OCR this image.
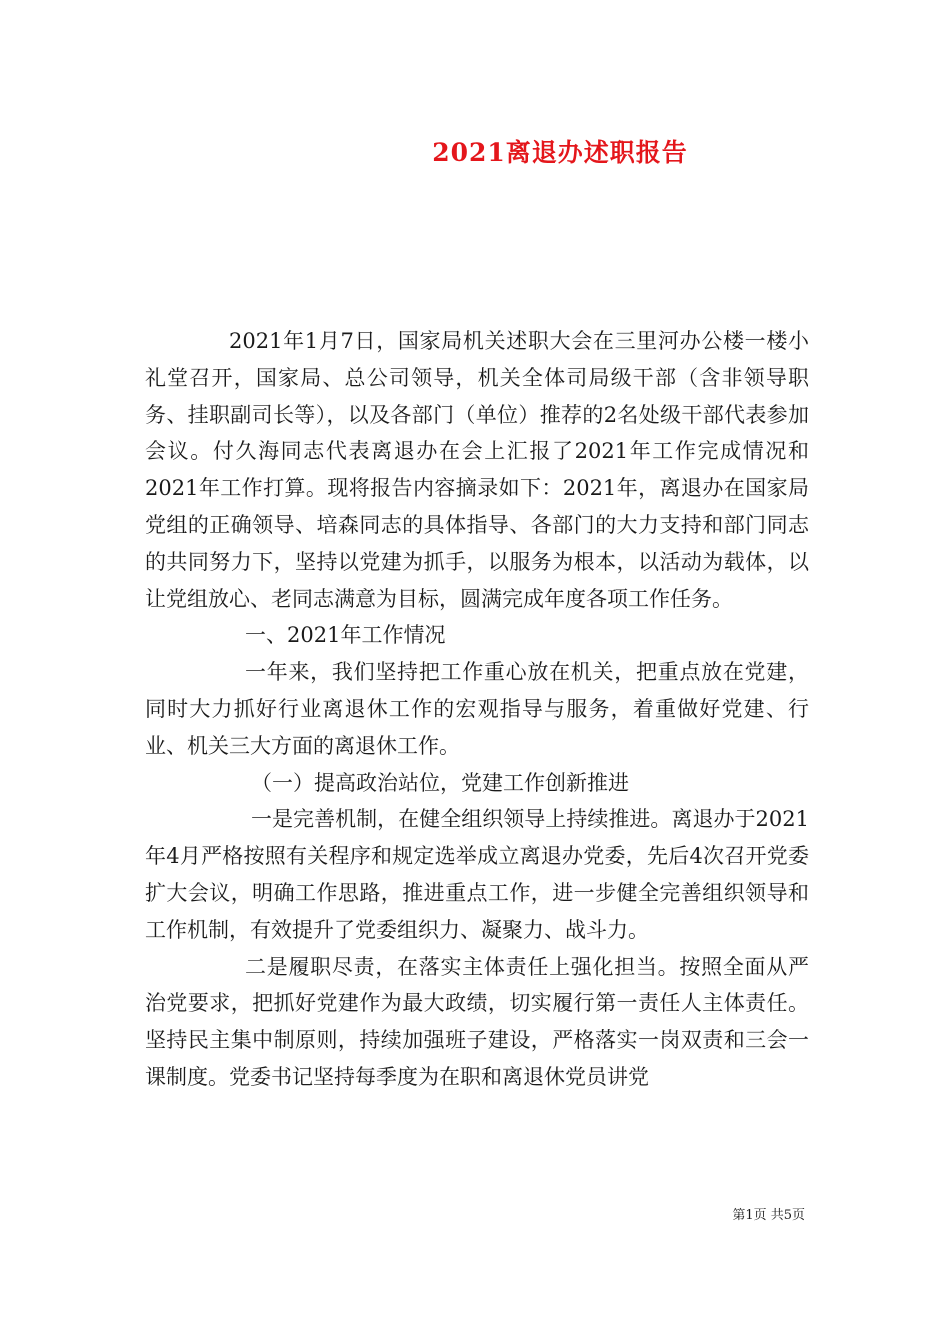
2021离退办述职报告

2021年1月7日，国家局机关述职大会在三里河办公楼一楼小礼堂召开，国家局、总公司领导，机关全体司局级干部（含非领导职务、挂职副司长等），以及各部门（单位）推荐的2名处级干部代表参加会议。付久海同志代表离退办在会上汇报了2021年工作完成情况和2021年工作打算。现将报告内容摘录如下：2021年，离退办在国家局党组的正确领导、培森同志的具体指导、各部门的大力支持和部门同志的共同努力下，坚持以党建为抓手，以服务为根本，以活动为载体，以让党组放心、老同志满意为目标，圆满完成年度各项工作任务。

一、2021年工作情况

一年来，我们坚持把工作重心放在机关，把重点放在党建，同时大力抓好行业离退休工作的宏观指导与服务，着重做好党建、行业、机关三大方面的离退休工作。

（一）提高政治站位，党建工作创新推进

一是完善机制，在健全组织领导上持续推进。离退办于2021年4月严格按照有关程序和规定选举成立离退办党委，先后4次召开党委扩大会议，明确工作思路，推进重点工作，进一步健全完善组织领导和工作机制，有效提升了党委组织力、凝聚力、战斗力。

二是履职尽责，在落实主体责任上强化担当。按照全面从严治党要求，把抓好党建作为最大政绩，切实履行第一责任人主体责任。坚持民主集中制原则，持续加强班子建设，严格落实一岗双责和三会一课制度。党委书记坚持每季度为在职和离退休党员讲党

第1页 共5页
